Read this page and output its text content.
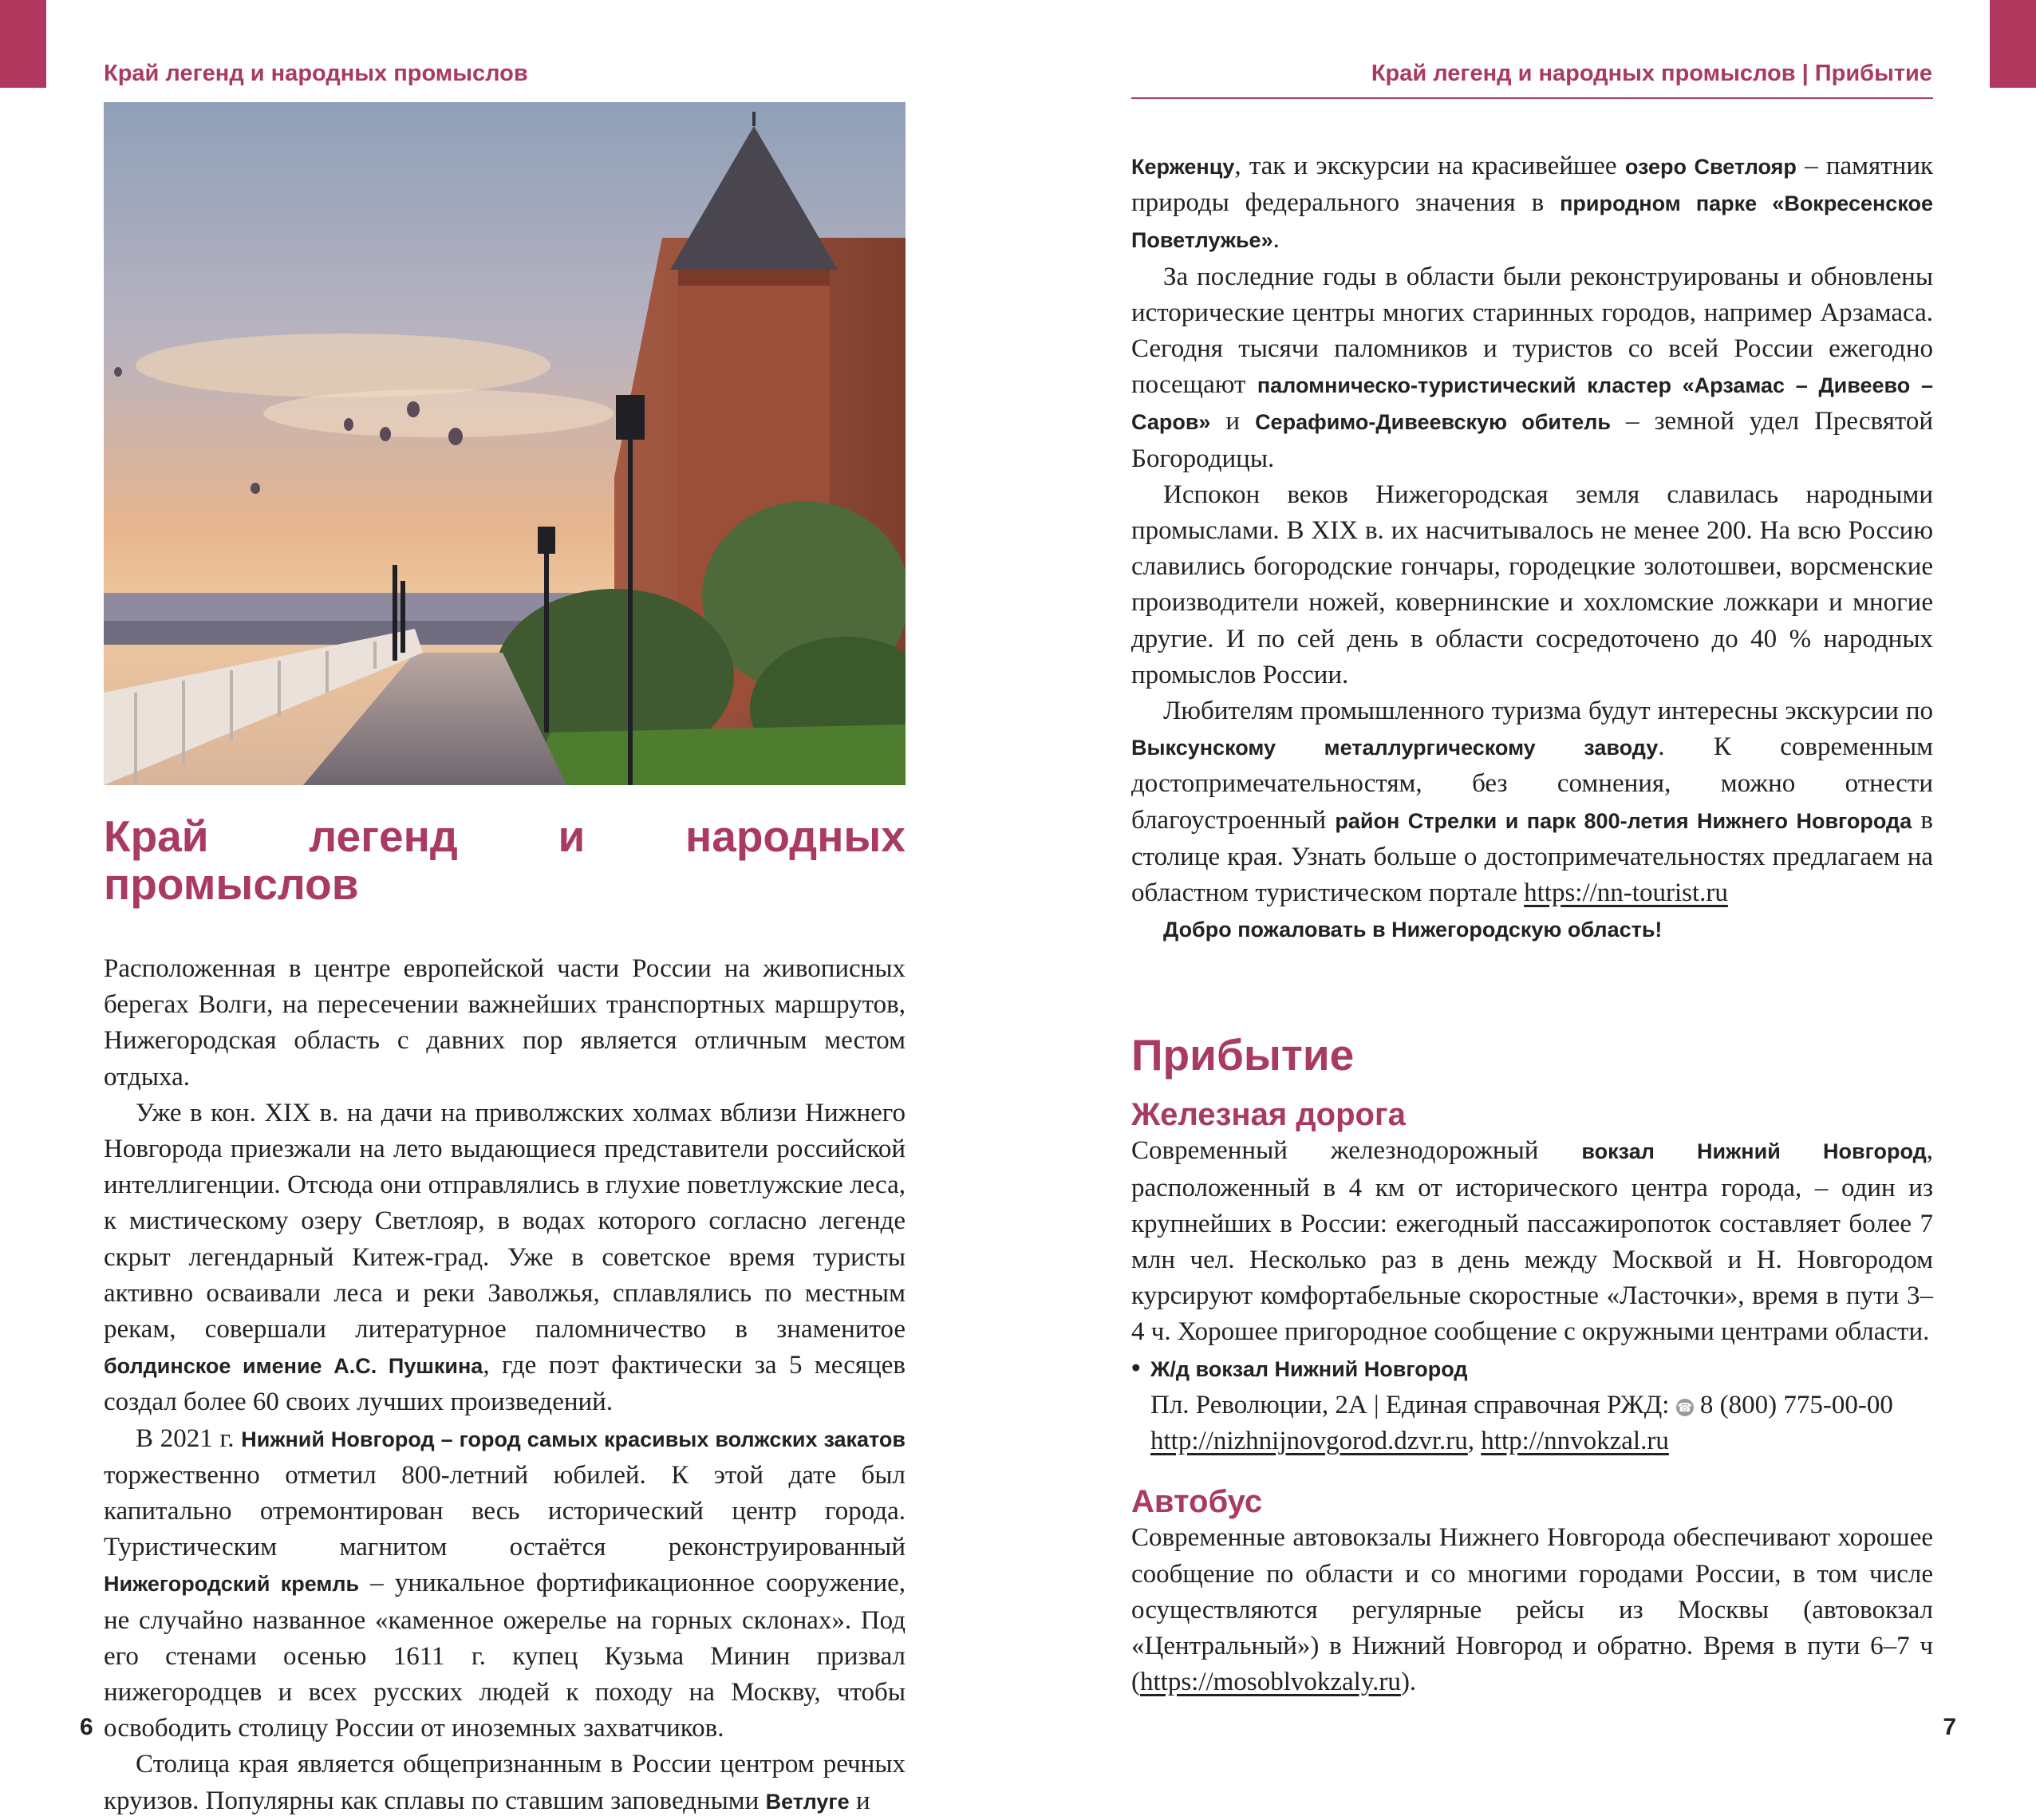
Край легенд и народных промыслов	Край легенд и народных промыслов | Прибытие
Край легенд и народных промыслов

Расположенная в центре европейской части России на живописных берегах Волги, на пересечении важнейших транспортных маршрутов, Нижегородская область с давних пор является отличным местом отдыха.

Уже в кон. XIX в. на дачи на приволжских холмах вблизи Нижнего Новгорода приезжали на лето выдающиеся представители российской интеллигенции. Отсюда они отправлялись в глухие поветлужские леса, к мистическому озеру Светлояр, в водах которого согласно легенде скрыт легендарный Китеж-град. Уже в советское время туристы активно осваивали леса и реки Заволжья, сплавлялись по местным рекам, совершали литературное паломничество в знаменитое болдинское имение А.С. Пушкина, где поэт фактически за 5 месяцев создал более 60 своих лучших произведений.

В 2021 г. Нижний Новгород – город самых красивых волжских закатов торжественно отметил 800-летний юбилей. К этой дате был капитально отремонтирован весь исторический центр города. Туристическим магнитом остаётся реконструированный Нижегородский кремль – уникальное фортификационное сооружение, не случайно названное «каменное ожерелье на горных склонах». Под его стенами осенью 1611 г. купец Кузьма Минин призвал нижегородцев и всех русских людей к походу на Москву, чтобы освободить столицу России от иноземных захватчиков.

Столица края является общепризнанным в России центром речных круизов. Популярны как сплавы по ставшим заповедными Ветлуге и

Керженцу, так и экскурсии на красивейшее озеро Светлояр – памятник природы федерального значения в природном парке «Вокресенское Поветлужье».

За последние годы в области были реконструированы и обновлены исторические центры многих старинных городов, например Арзамаса. Сегодня тысячи паломников и туристов со всей России ежегодно посещают паломническо-туристический кластер «Арзамас – Дивеево – Саров» и Серафимо-Дивеевскую обитель – земной удел Пресвятой Богородицы.

Испокон веков Нижегородская земля славилась народными промыслами. В XIX в. их насчитывалось не менее 200. На всю Россию славились богородские гончары, городецкие золотошвеи, ворсменские производители ножей, ковернинские и хохломские ложкари и многие другие. И по сей день в области сосредоточено до 40 % народных промыслов России.

Любителям промышленного туризма будут интересны экскурсии по Выксунскому металлургическому заводу. К современным достопримечательностям, без сомнения, можно отнести благоустроенный район Стрелки и парк 800-летия Нижнего Новгорода в столице края. Узнать больше о достопримечательностях предлагаем на областном туристическом портале https://nn-tourist.ru

Добро пожаловать в Нижегородскую область!

Прибытие
Железная дорога

Современный железнодорожный вокзал Нижний Новгород, расположенный в 4 км от исторического центра города, – один из крупнейших в России: ежегодный пассажиропоток составляет более 7 млн чел. Несколько раз в день между Москвой и Н. Новгородом курсируют комфортабельные скоростные «Ласточки», время в пути 3–4 ч. Хорошее пригородное сообщение с окружными центрами области.

• Ж/д вокзал Нижний Новгород

Пл. Революции, 2А | Единая справочная РЖД: ☎ 8 (800) 775-00-00

http://nizhnijnovgorod.dzvr.ru, http://nnvokzal.ru

Автобус

Современные автовокзалы Нижнего Новгорода обеспечивают хорошее сообщение по области и со многими городами России, в том числе осуществляются регулярные рейсы из Москвы (автовокзал «Центральный») в Нижний Новгород и обратно. Время в пути 6–7 ч (https://mosoblvokzaly.ru).

6	7
